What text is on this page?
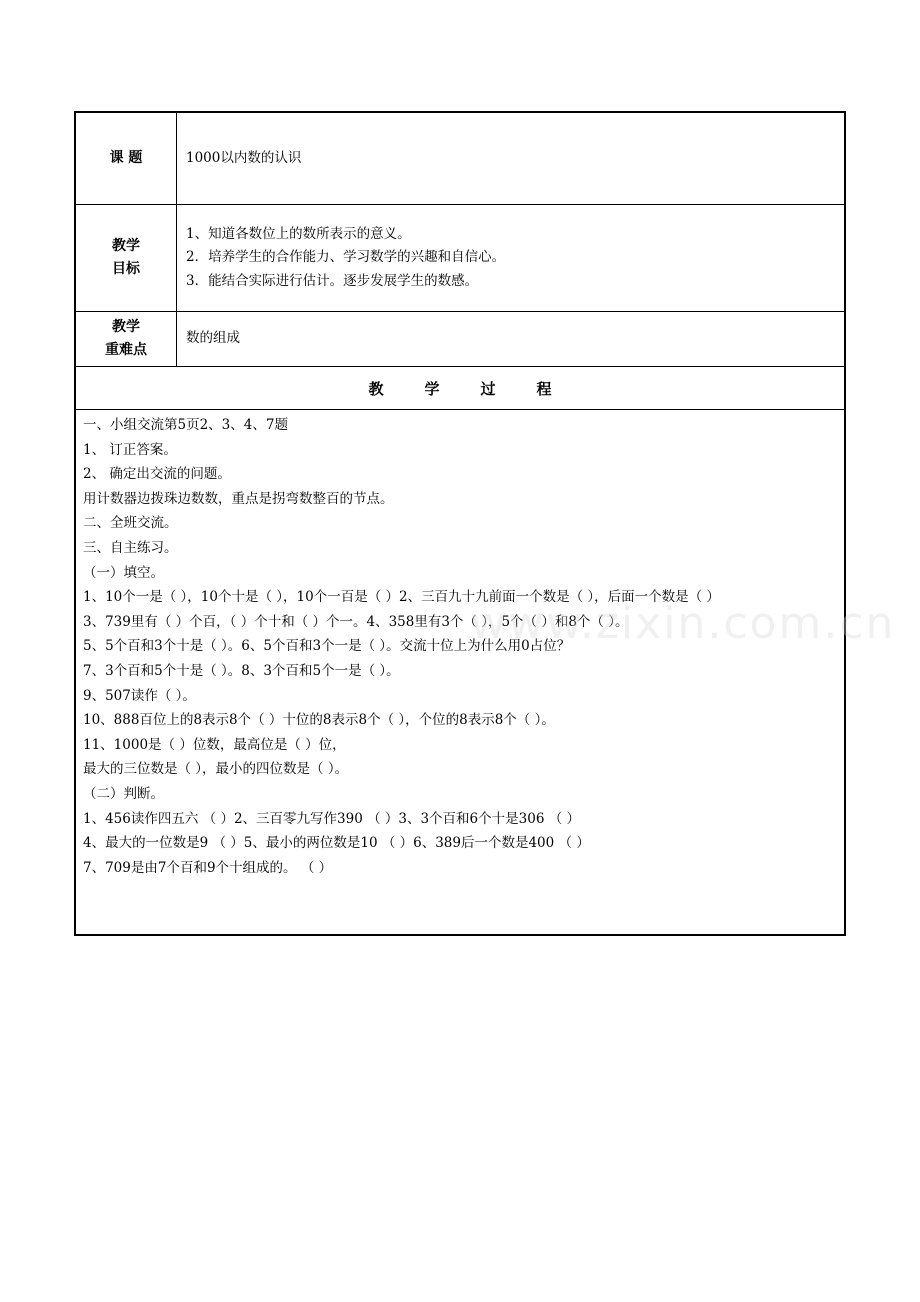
课 题	1000以内数的认识
教学
目标
1、知道各数位上的数所表示的意义。
2．培养学生的合作能力、学习数学的兴趣和自信心。
3．能结合实际进行估计。逐步发展学生的数感。
教学
重难点
数的组成
教学过程
一、小组交流第5页2、3、4、7题
1、 订正答案。
2、 确定出交流的问题。
用计数器边拨珠边数数，重点是拐弯数整百的节点。
二、全班交流。
三、自主练习。
（一）填空。
1、10个一是（ ），10个十是（ ），10个一百是（ ）2、三百九十九前面一个数是（ ），后面一个数是（ ）
3、739里有（ ）个百，（ ）个十和（ ）个一。4、358里有3个（ ），5个（ ）和8个（ ）。
5、5个百和3个十是（ ）。6、5个百和3个一是（ ）。交流十位上为什么用0占位？
7、3个百和5个十是（ ）。8、3个百和5个一是（ ）。
9、507读作（ ）。
10、888百位上的8表示8个（ ）十位的8表示8个（ ），个位的8表示8个（ ）。
11、1000是（ ）位数，最高位是（ ）位，
最大的三位数是（ ），最小的四位数是（ ）。
（二）判断。
1、456读作四五六 （ ）2、三百零九写作390 （ ）3、3个百和6个十是306 （ ）
4、最大的一位数是9 （ ）5、最小的两位数是10 （ ）6、389后一个数是400 （ ）
7、709是由7个百和9个十组成的。 （ ）
www.zixin.com.cn
